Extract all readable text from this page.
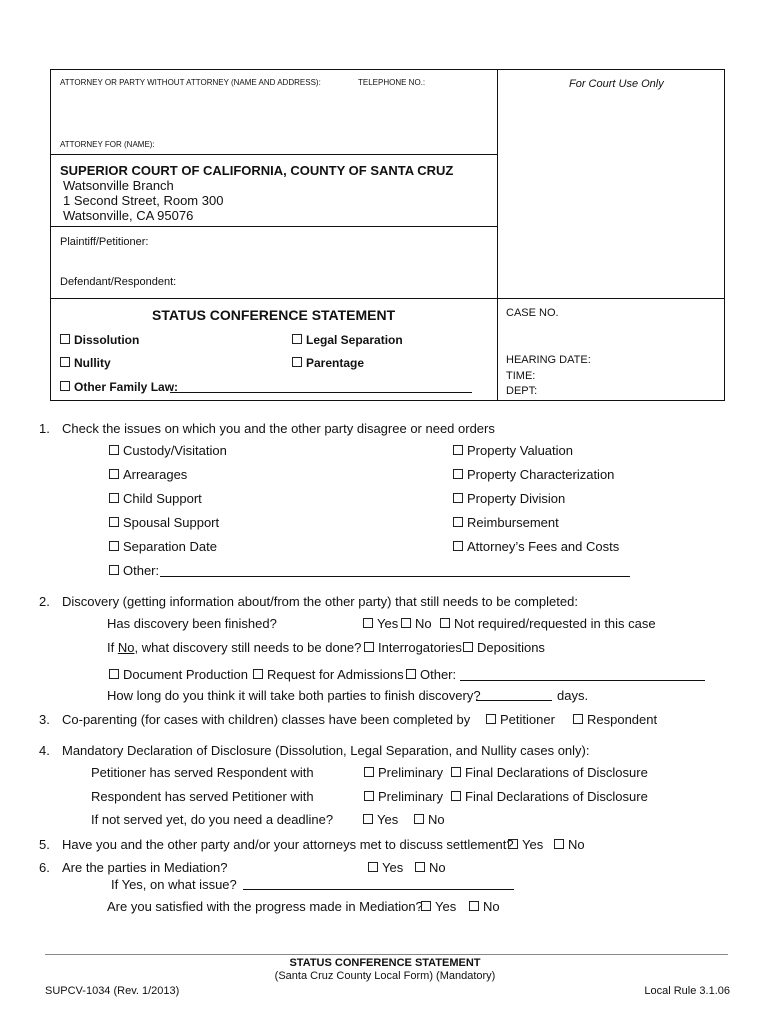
ATTORNEY OR PARTY WITHOUT ATTORNEY (NAME AND ADDRESS):	TELEPHONE NO.:	For Court Use Only
ATTORNEY FOR (NAME):
SUPERIOR COURT OF CALIFORNIA, COUNTY OF SANTA CRUZ
Watsonville Branch
1 Second Street, Room 300
Watsonville, CA 95076
Plaintiff/Petitioner:
Defendant/Respondent:
STATUS CONFERENCE STATEMENT	CASE NO.
HEARING DATE:
TIME:
DEPT:
Dissolution	Legal Separation
Nullity	Parentage
Other Family Law:
1. Check the issues on which you and the other party disagree or need orders
Custody/Visitation
Arrearages
Child Support
Spousal Support
Separation Date
Property Valuation
Property Characterization
Property Division
Reimbursement
Attorney’s Fees and Costs
Other:
2. Discovery (getting information about/from the other party) that still needs to be completed:
Has discovery been finished?	Yes	No	Not required/requested in this case
If No, what discovery still needs to be done?	Interrogatories	Depositions
Document Production	Request for Admissions	Other:
How long do you think it will take both parties to finish discovery?	days.
3. Co-parenting (for cases with children) classes have been completed by	Petitioner	Respondent
4. Mandatory Declaration of Disclosure (Dissolution, Legal Separation, and Nullity cases only):
Petitioner has served Respondent with	Preliminary	Final Declarations of Disclosure
Respondent has served Petitioner with	Preliminary	Final Declarations of Disclosure
If not served yet, do you need a deadline?	Yes	No
5. Have you and the other party and/or your attorneys met to discuss settlement? Yes	No
6. Are the parties in Mediation?	Yes	No
If Yes, on what issue?
Are you satisfied with the progress made in Mediation? Yes	No
STATUS CONFERENCE STATEMENT
(Santa Cruz County Local Form) (Mandatory)
SUPCV-1034 (Rev. 1/2013)	Local Rule 3.1.06
